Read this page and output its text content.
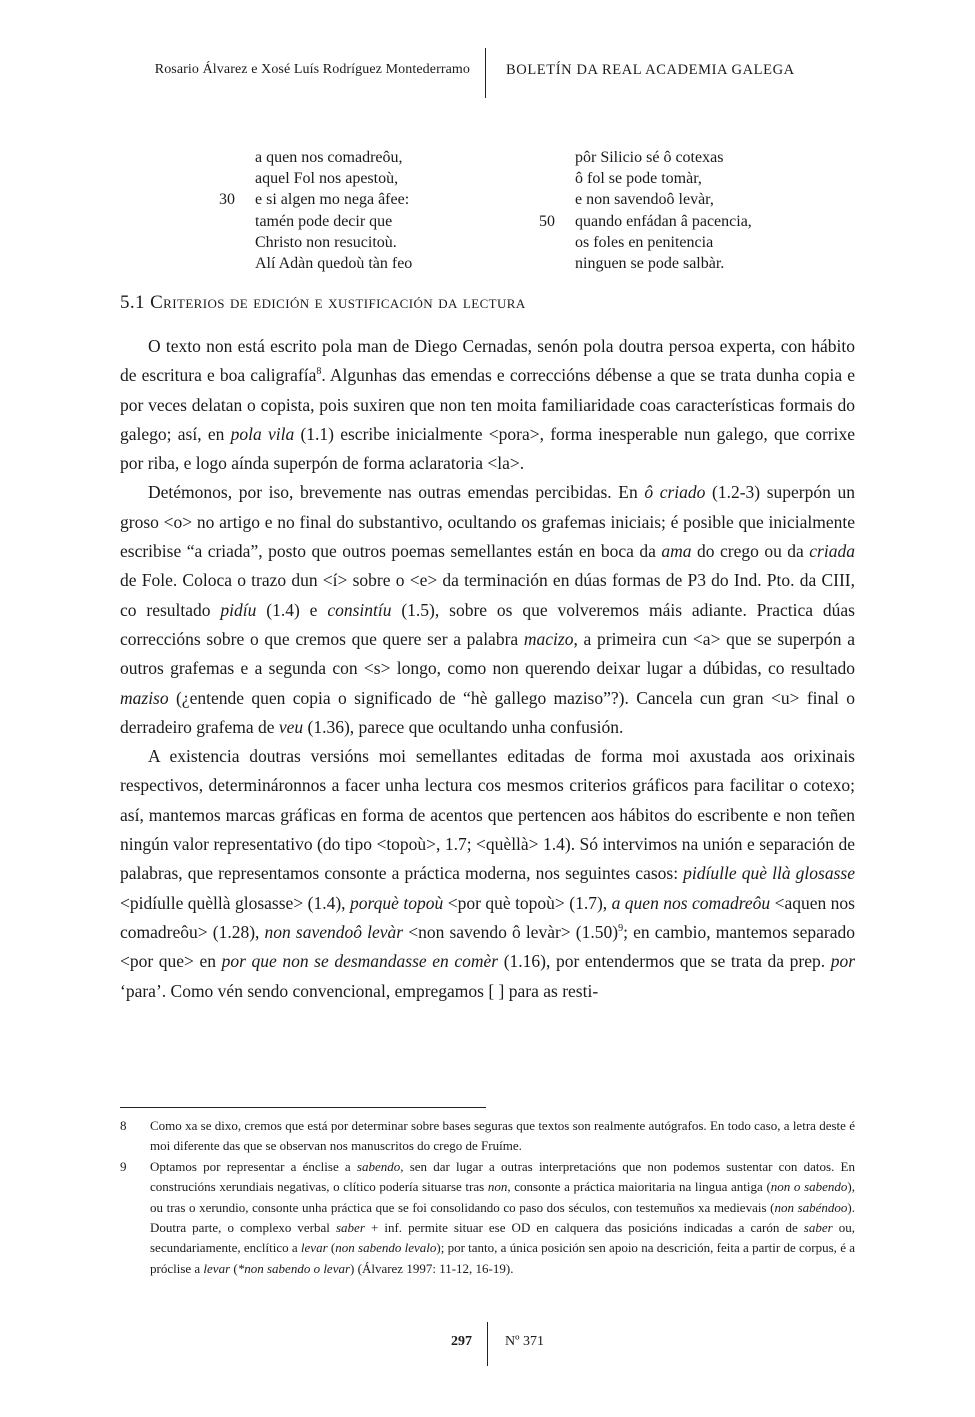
Rosario Álvarez e Xosé Luís Rodríguez Montederramo BOLETÍN DA REAL ACADEMIA GALEGA
a quen nos comadreôu,
aquel Fol nos apestoù,
30 e si algen mo nega âfee:
tamén pode decir que
Christo non resucitoù.
Alí Adàn quedoù tàn feo
pôr Silicio sé ô cotexas
ô fol se pode tomàr,
e non savendoô levàr,
50 quando enfádan â pacencia,
os foles en penitencia
ninguen se pode salbàr.
5.1 Criterios de edición e xustificación da lectura

O texto non está escrito pola man de Diego Cernadas, senón pola doutra persoa experta, con hábito de escritura e boa caligrafía$^8$. Algunhas das emendas e correccións débense a que se trata dunha copia e por veces delatan o copista, pois suxiren que non ten moita familiaridade coas características formais do galego; así, en pola vila (1.1) escribe inicialmente <pora>, forma inesperable nun galego, que corrixe por riba, e logo aínda superpón de forma aclaratoria <la>.

Detémonos, por iso, brevemente nas outras emendas percibidas. En ô criado (1.2-3) superpón un groso <o> no artigo e no final do substantivo, ocultando os grafemas iniciais; é posible que inicialmente escribise “a criada”, posto que outros poemas semellantes están en boca da ama do crego ou da criada de Fole. Coloca o trazo dun <í> sobre o <e> da terminación en dúas formas de P3 do Ind. Pto. da CIII, co resultado pidíu (1.4) e consintíu (1.5), sobre os que volveremos máis adiante. Practica dúas correccións sobre o que cremos que quere ser a palabra macizo, a primeira cun <a> que se superpón a outros grafemas e a segunda con <s> longo, como non querendo deixar lugar a dúbidas, co resultado maziso (¿entende quen copia o significado de “hè gallego maziso”?). Cancela cun gran <u> final o derradeiro grafema de veu (1.36), parece que ocultando unha confusión.

A existencia doutras versións moi semellantes editadas de forma moi axustada aos orixinais respectivos, determináronnos a facer unha lectura cos mesmos criterios gráficos para facilitar o cotexo; así, mantemos marcas gráficas en forma de acentos que pertencen aos hábitos do escribente e non teñen ningún valor representativo (do tipo <topoù>, 1.7; <quèllà> 1.4). Só intervimos na unión e separación de palabras, que representamos consonte a práctica moderna, nos seguintes casos: pidíulle què llà glosasse <pidíulle quèllà glosasse> (1.4), porquè topoù <por què topoù> (1.7), a quen nos comadreôu <aquen nos comadreôu> (1.28), non savendoô levàr <non savendo ô levàr> $(1.50)^9$; en cambio, mantemos separado <por que> en por que non se desmandasse en comèr (1.16), por entendermos que se trata da prep. por ‘para’. Como vén sendo convencional, empregamos [ ] para as resti-

8 Como xa se dixo, cremos que está por determinar sobre bases seguras que textos son realmente autógrafos. En todo caso, a letra deste é moi diferente das que se observan nos manuscritos do crego de Fruíme.
9 Optamos por representar a énclise a sabendo, sen dar lugar a outras interpretacións que non podemos sustentar con datos. En construcións xerundiais negativas, o clítico podería situarse tras non, consonte a práctica maioritaria na lingua antiga (non o sabendo), ou tras o xerundio, consonte unha práctica que se foi consolidando co paso dos séculos, con testemuños xa medievais (non sabéndoo). Doutra parte, o complexo verbal saber + inf. permite situar ese OD en calquera das posicións indicadas a carón de saber ou, secundariamente, enclítico a levar (non sabendo levalo); por tanto, a única posición sen apoio na descrición, feita a partir de corpus, é a próclise a levar (*non sabendo o levar) (Álvarez 1997: 11-12, 16-19).
297 Nº 371
